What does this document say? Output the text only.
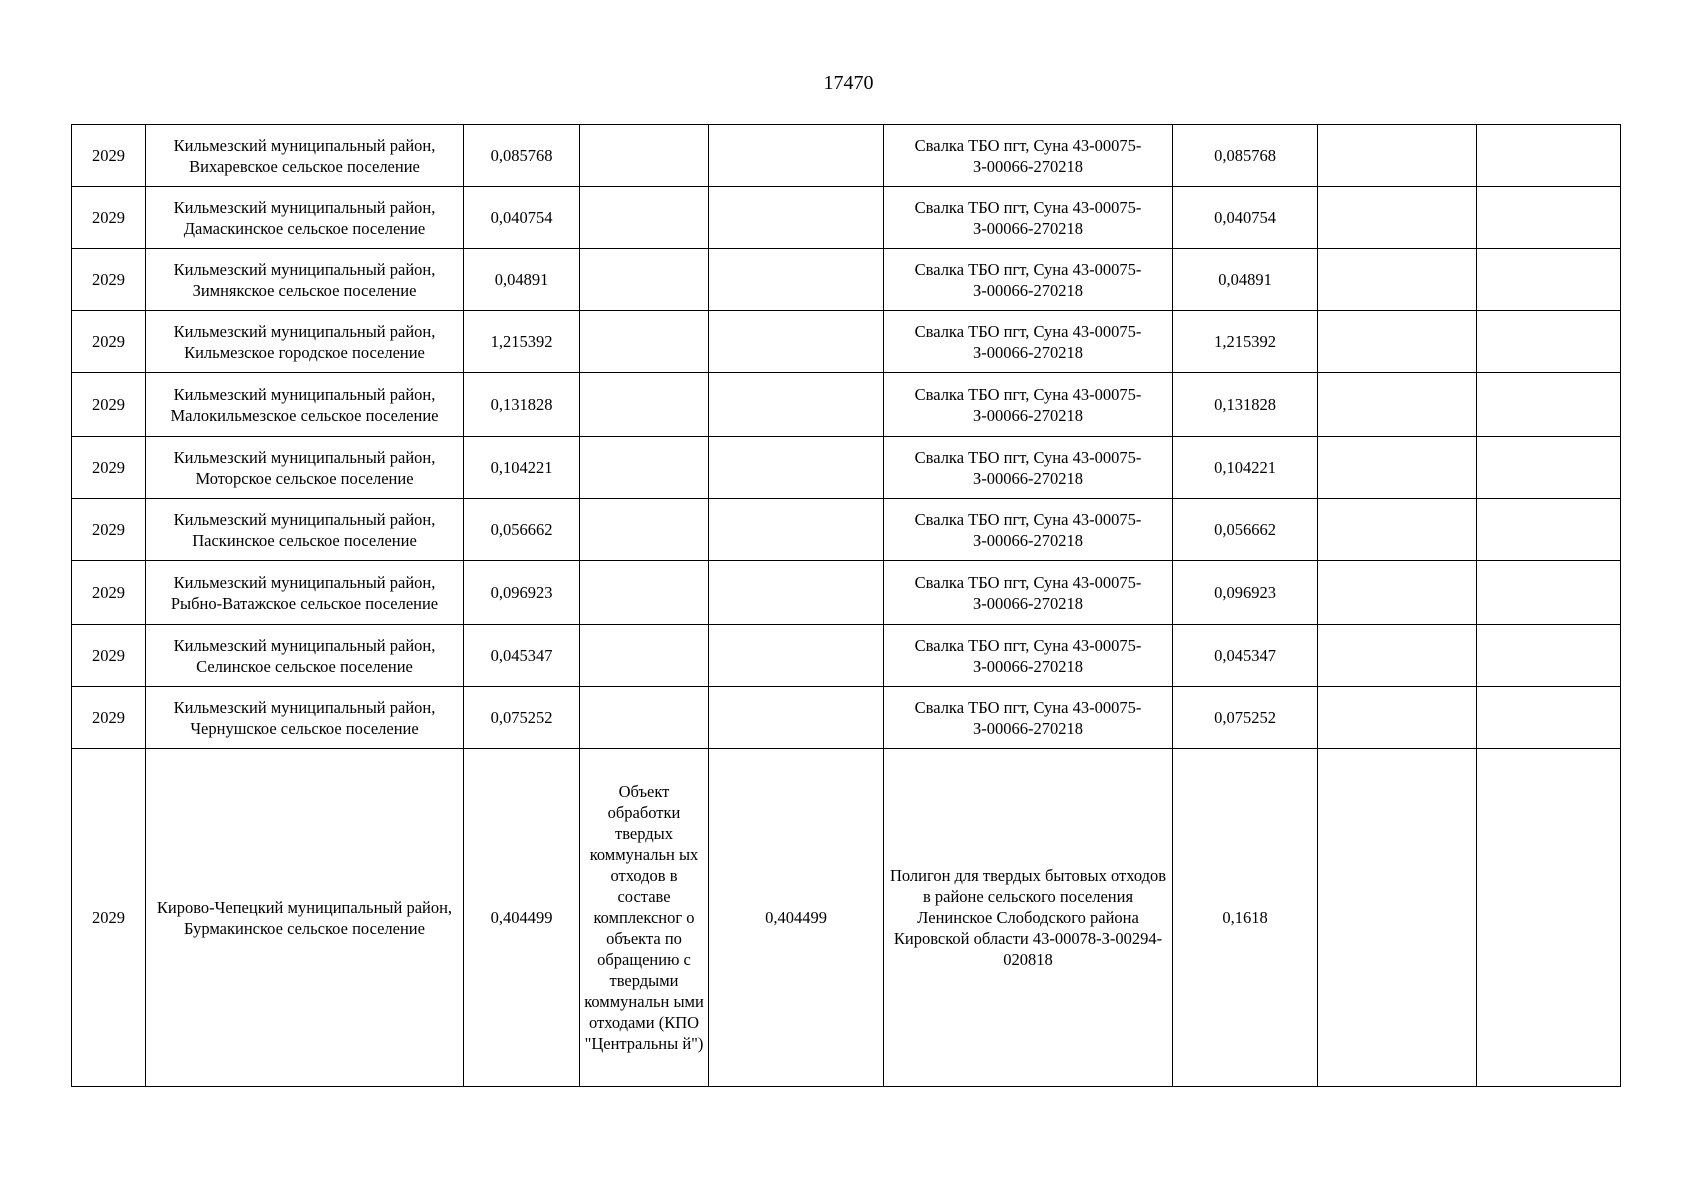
17470
2029	Кильмезский муниципальный район, Вихаревское сельское поселение	0,085768			Свалка ТБО пгт, Суна 43-00075-З-00066-270218	0,085768		
2029	Кильмезский муниципальный район, Дамаскинское сельское поселение	0,040754			Свалка ТБО пгт, Суна 43-00075-З-00066-270218	0,040754		
2029	Кильмезский муниципальный район, Зимнякское сельское поселение	0,04891			Свалка ТБО пгт, Суна 43-00075-З-00066-270218	0,04891		
2029	Кильмезский муниципальный район, Кильмезское городское поселение	1,215392			Свалка ТБО пгт, Суна 43-00075-З-00066-270218	1,215392		
2029	Кильмезский муниципальный район, Малокильмезское сельское поселение	0,131828			Свалка ТБО пгт, Суна 43-00075-З-00066-270218	0,131828		
2029	Кильмезский муниципальный район, Моторское сельское поселение	0,104221			Свалка ТБО пгт, Суна 43-00075-З-00066-270218	0,104221		
2029	Кильмезский муниципальный район, Паскинское сельское поселение	0,056662			Свалка ТБО пгт, Суна 43-00075-З-00066-270218	0,056662		
2029	Кильмезский муниципальный район, Рыбно-Ватажское сельское поселение	0,096923			Свалка ТБО пгт, Суна 43-00075-З-00066-270218	0,096923		
2029	Кильмезский муниципальный район, Селинское сельское поселение	0,045347			Свалка ТБО пгт, Суна 43-00075-З-00066-270218	0,045347		
2029	Кильмезский муниципальный район, Чернушское сельское поселение	0,075252			Свалка ТБО пгт, Суна 43-00075-З-00066-270218	0,075252		
2029	Кирово-Чепецкий муниципальный район, Бурмакинское сельское поселение	0,404499	Объект обработки твердых коммунальн ых отходов в составе комплексног о объекта по обращению с твердыми коммунальн ыми отходами (КПО "Центральны й")	0,404499	Полигон для твердых бытовых отходов в районе сельского поселения Ленинское Слободского района Кировской области 43-00078-З-00294-020818	0,1618		
